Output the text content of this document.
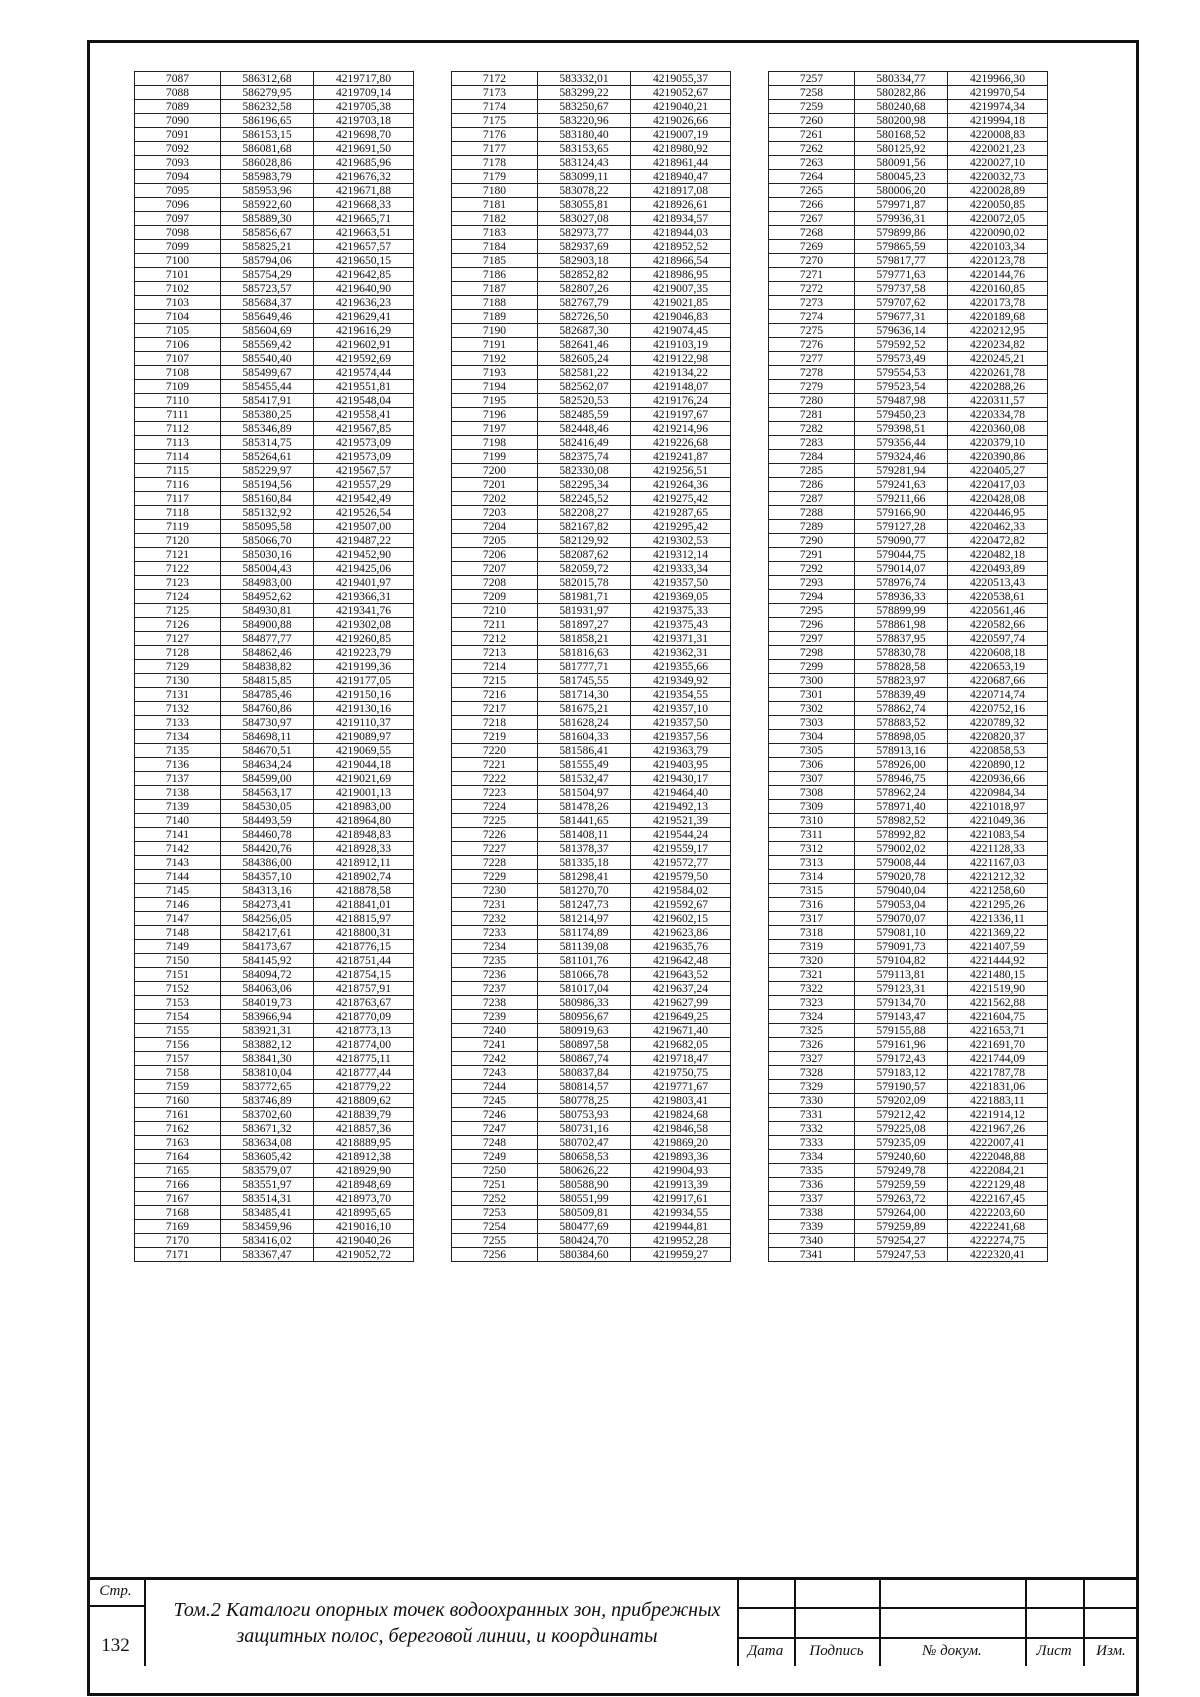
7087	586312,68	4219717,80
7088	586279,95	4219709,14
7089	586232,58	4219705,38
7090	586196,65	4219703,18
7091	586153,15	4219698,70
7092	586081,68	4219691,50
7093	586028,86	4219685,96
7094	585983,79	4219676,32
7095	585953,96	4219671,88
7096	585922,60	4219668,33
7097	585889,30	4219665,71
7098	585856,67	4219663,51
7099	585825,21	4219657,57
7100	585794,06	4219650,15
7101	585754,29	4219642,85
7102	585723,57	4219640,90
7103	585684,37	4219636,23
7104	585649,46	4219629,41
7105	585604,69	4219616,29
7106	585569,42	4219602,91
7107	585540,40	4219592,69
7108	585499,67	4219574,44
7109	585455,44	4219551,81
7110	585417,91	4219548,04
7111	585380,25	4219558,41
7112	585346,89	4219567,85
7113	585314,75	4219573,09
7114	585264,61	4219573,09
7115	585229,97	4219567,57
7116	585194,56	4219557,29
7117	585160,84	4219542,49
7118	585132,92	4219526,54
7119	585095,58	4219507,00
7120	585066,70	4219487,22
7121	585030,16	4219452,90
7122	585004,43	4219425,06
7123	584983,00	4219401,97
7124	584952,62	4219366,31
7125	584930,81	4219341,76
7126	584900,88	4219302,08
7127	584877,77	4219260,85
7128	584862,46	4219223,79
7129	584838,82	4219199,36
7130	584815,85	4219177,05
7131	584785,46	4219150,16
7132	584760,86	4219130,16
7133	584730,97	4219110,37
7134	584698,11	4219089,97
7135	584670,51	4219069,55
7136	584634,24	4219044,18
7137	584599,00	4219021,69
7138	584563,17	4219001,13
7139	584530,05	4218983,00
7140	584493,59	4218964,80
7141	584460,78	4218948,83
7142	584420,76	4218928,33
7143	584386,00	4218912,11
7144	584357,10	4218902,74
7145	584313,16	4218878,58
7146	584273,41	4218841,01
7147	584256,05	4218815,97
7148	584217,61	4218800,31
7149	584173,67	4218776,15
7150	584145,92	4218751,44
7151	584094,72	4218754,15
7152	584063,06	4218757,91
7153	584019,73	4218763,67
7154	583966,94	4218770,09
7155	583921,31	4218773,13
7156	583882,12	4218774,00
7157	583841,30	4218775,11
7158	583810,04	4218777,44
7159	583772,65	4218779,22
7160	583746,89	4218809,62
7161	583702,60	4218839,79
7162	583671,32	4218857,36
7163	583634,08	4218889,95
7164	583605,42	4218912,38
7165	583579,07	4218929,90
7166	583551,97	4218948,69
7167	583514,31	4218973,70
7168	583485,41	4218995,65
7169	583459,96	4219016,10
7170	583416,02	4219040,26
7171	583367,47	4219052,72
7172	583332,01	4219055,37
7173	583299,22	4219052,67
7174	583250,67	4219040,21
7175	583220,96	4219026,66
7176	583180,40	4219007,19
7177	583153,65	4218980,92
7178	583124,43	4218961,44
7179	583099,11	4218940,47
7180	583078,22	4218917,08
7181	583055,81	4218926,61
7182	583027,08	4218934,57
7183	582973,77	4218944,03
7184	582937,69	4218952,52
7185	582903,18	4218966,54
7186	582852,82	4218986,95
7187	582807,26	4219007,35
7188	582767,79	4219021,85
7189	582726,50	4219046,83
7190	582687,30	4219074,45
7191	582641,46	4219103,19
7192	582605,24	4219122,98
7193	582581,22	4219134,22
7194	582562,07	4219148,07
7195	582520,53	4219176,24
7196	582485,59	4219197,67
7197	582448,46	4219214,96
7198	582416,49	4219226,68
7199	582375,74	4219241,87
7200	582330,08	4219256,51
7201	582295,34	4219264,36
7202	582245,52	4219275,42
7203	582208,27	4219287,65
7204	582167,82	4219295,42
7205	582129,92	4219302,53
7206	582087,62	4219312,14
7207	582059,72	4219333,34
7208	582015,78	4219357,50
7209	581981,71	4219369,05
7210	581931,97	4219375,33
7211	581897,27	4219375,43
7212	581858,21	4219371,31
7213	581816,63	4219362,31
7214	581777,71	4219355,66
7215	581745,55	4219349,92
7216	581714,30	4219354,55
7217	581675,21	4219357,10
7218	581628,24	4219357,50
7219	581604,33	4219357,56
7220	581586,41	4219363,79
7221	581555,49	4219403,95
7222	581532,47	4219430,17
7223	581504,97	4219464,40
7224	581478,26	4219492,13
7225	581441,65	4219521,39
7226	581408,11	4219544,24
7227	581378,37	4219559,17
7228	581335,18	4219572,77
7229	581298,41	4219579,50
7230	581270,70	4219584,02
7231	581247,73	4219592,67
7232	581214,97	4219602,15
7233	581174,89	4219623,86
7234	581139,08	4219635,76
7235	581101,76	4219642,48
7236	581066,78	4219643,52
7237	581017,04	4219637,24
7238	580986,33	4219627,99
7239	580956,67	4219649,25
7240	580919,63	4219671,40
7241	580897,58	4219682,05
7242	580867,74	4219718,47
7243	580837,84	4219750,75
7244	580814,57	4219771,67
7245	580778,25	4219803,41
7246	580753,93	4219824,68
7247	580731,16	4219846,58
7248	580702,47	4219869,20
7249	580658,53	4219893,36
7250	580626,22	4219904,93
7251	580588,90	4219913,39
7252	580551,99	4219917,61
7253	580509,81	4219934,55
7254	580477,69	4219944,81
7255	580424,70	4219952,28
7256	580384,60	4219959,27
7257	580334,77	4219966,30
7258	580282,86	4219970,54
7259	580240,68	4219974,34
7260	580200,98	4219994,18
7261	580168,52	4220008,83
7262	580125,92	4220021,23
7263	580091,56	4220027,10
7264	580045,23	4220032,73
7265	580006,20	4220028,89
7266	579971,87	4220050,85
7267	579936,31	4220072,05
7268	579899,86	4220090,02
7269	579865,59	4220103,34
7270	579817,77	4220123,78
7271	579771,63	4220144,76
7272	579737,58	4220160,85
7273	579707,62	4220173,78
7274	579677,31	4220189,68
7275	579636,14	4220212,95
7276	579592,52	4220234,82
7277	579573,49	4220245,21
7278	579554,53	4220261,78
7279	579523,54	4220288,26
7280	579487,98	4220311,57
7281	579450,23	4220334,78
7282	579398,51	4220360,08
7283	579356,44	4220379,10
7284	579324,46	4220390,86
7285	579281,94	4220405,27
7286	579241,63	4220417,03
7287	579211,66	4220428,08
7288	579166,90	4220446,95
7289	579127,28	4220462,33
7290	579090,77	4220472,82
7291	579044,75	4220482,18
7292	579014,07	4220493,89
7293	578976,74	4220513,43
7294	578936,33	4220538,61
7295	578899,99	4220561,46
7296	578861,98	4220582,66
7297	578837,95	4220597,74
7298	578830,78	4220608,18
7299	578828,58	4220653,19
7300	578823,97	4220687,66
7301	578839,49	4220714,74
7302	578862,74	4220752,16
7303	578883,52	4220789,32
7304	578898,05	4220820,37
7305	578913,16	4220858,53
7306	578926,00	4220890,12
7307	578946,75	4220936,66
7308	578962,24	4220984,34
7309	578971,40	4221018,97
7310	578982,52	4221049,36
7311	578992,82	4221083,54
7312	579002,02	4221128,33
7313	579008,44	4221167,03
7314	579020,78	4221212,32
7315	579040,04	4221258,60
7316	579053,04	4221295,26
7317	579070,07	4221336,11
7318	579081,10	4221369,22
7319	579091,73	4221407,59
7320	579104,82	4221444,92
7321	579113,81	4221480,15
7322	579123,31	4221519,90
7323	579134,70	4221562,88
7324	579143,47	4221604,75
7325	579155,88	4221653,71
7326	579161,96	4221691,70
7327	579172,43	4221744,09
7328	579183,12	4221787,78
7329	579190,57	4221831,06
7330	579202,09	4221883,11
7331	579212,42	4221914,12
7332	579225,08	4221967,26
7333	579235,09	4222007,41
7334	579240,60	4222048,88
7335	579249,78	4222084,21
7336	579259,59	4222129,48
7337	579263,72	4222167,45
7338	579264,00	4222203,60
7339	579259,89	4222241,68
7340	579254,27	4222274,75
7341	579247,53	4222320,41
Стр.
132
Том.2 Каталоги опорных точек водоохранных зон, прибрежных защитных полос, береговой линии, и координаты
Дата	Подпись	№ докум.	Лист	Изм.
